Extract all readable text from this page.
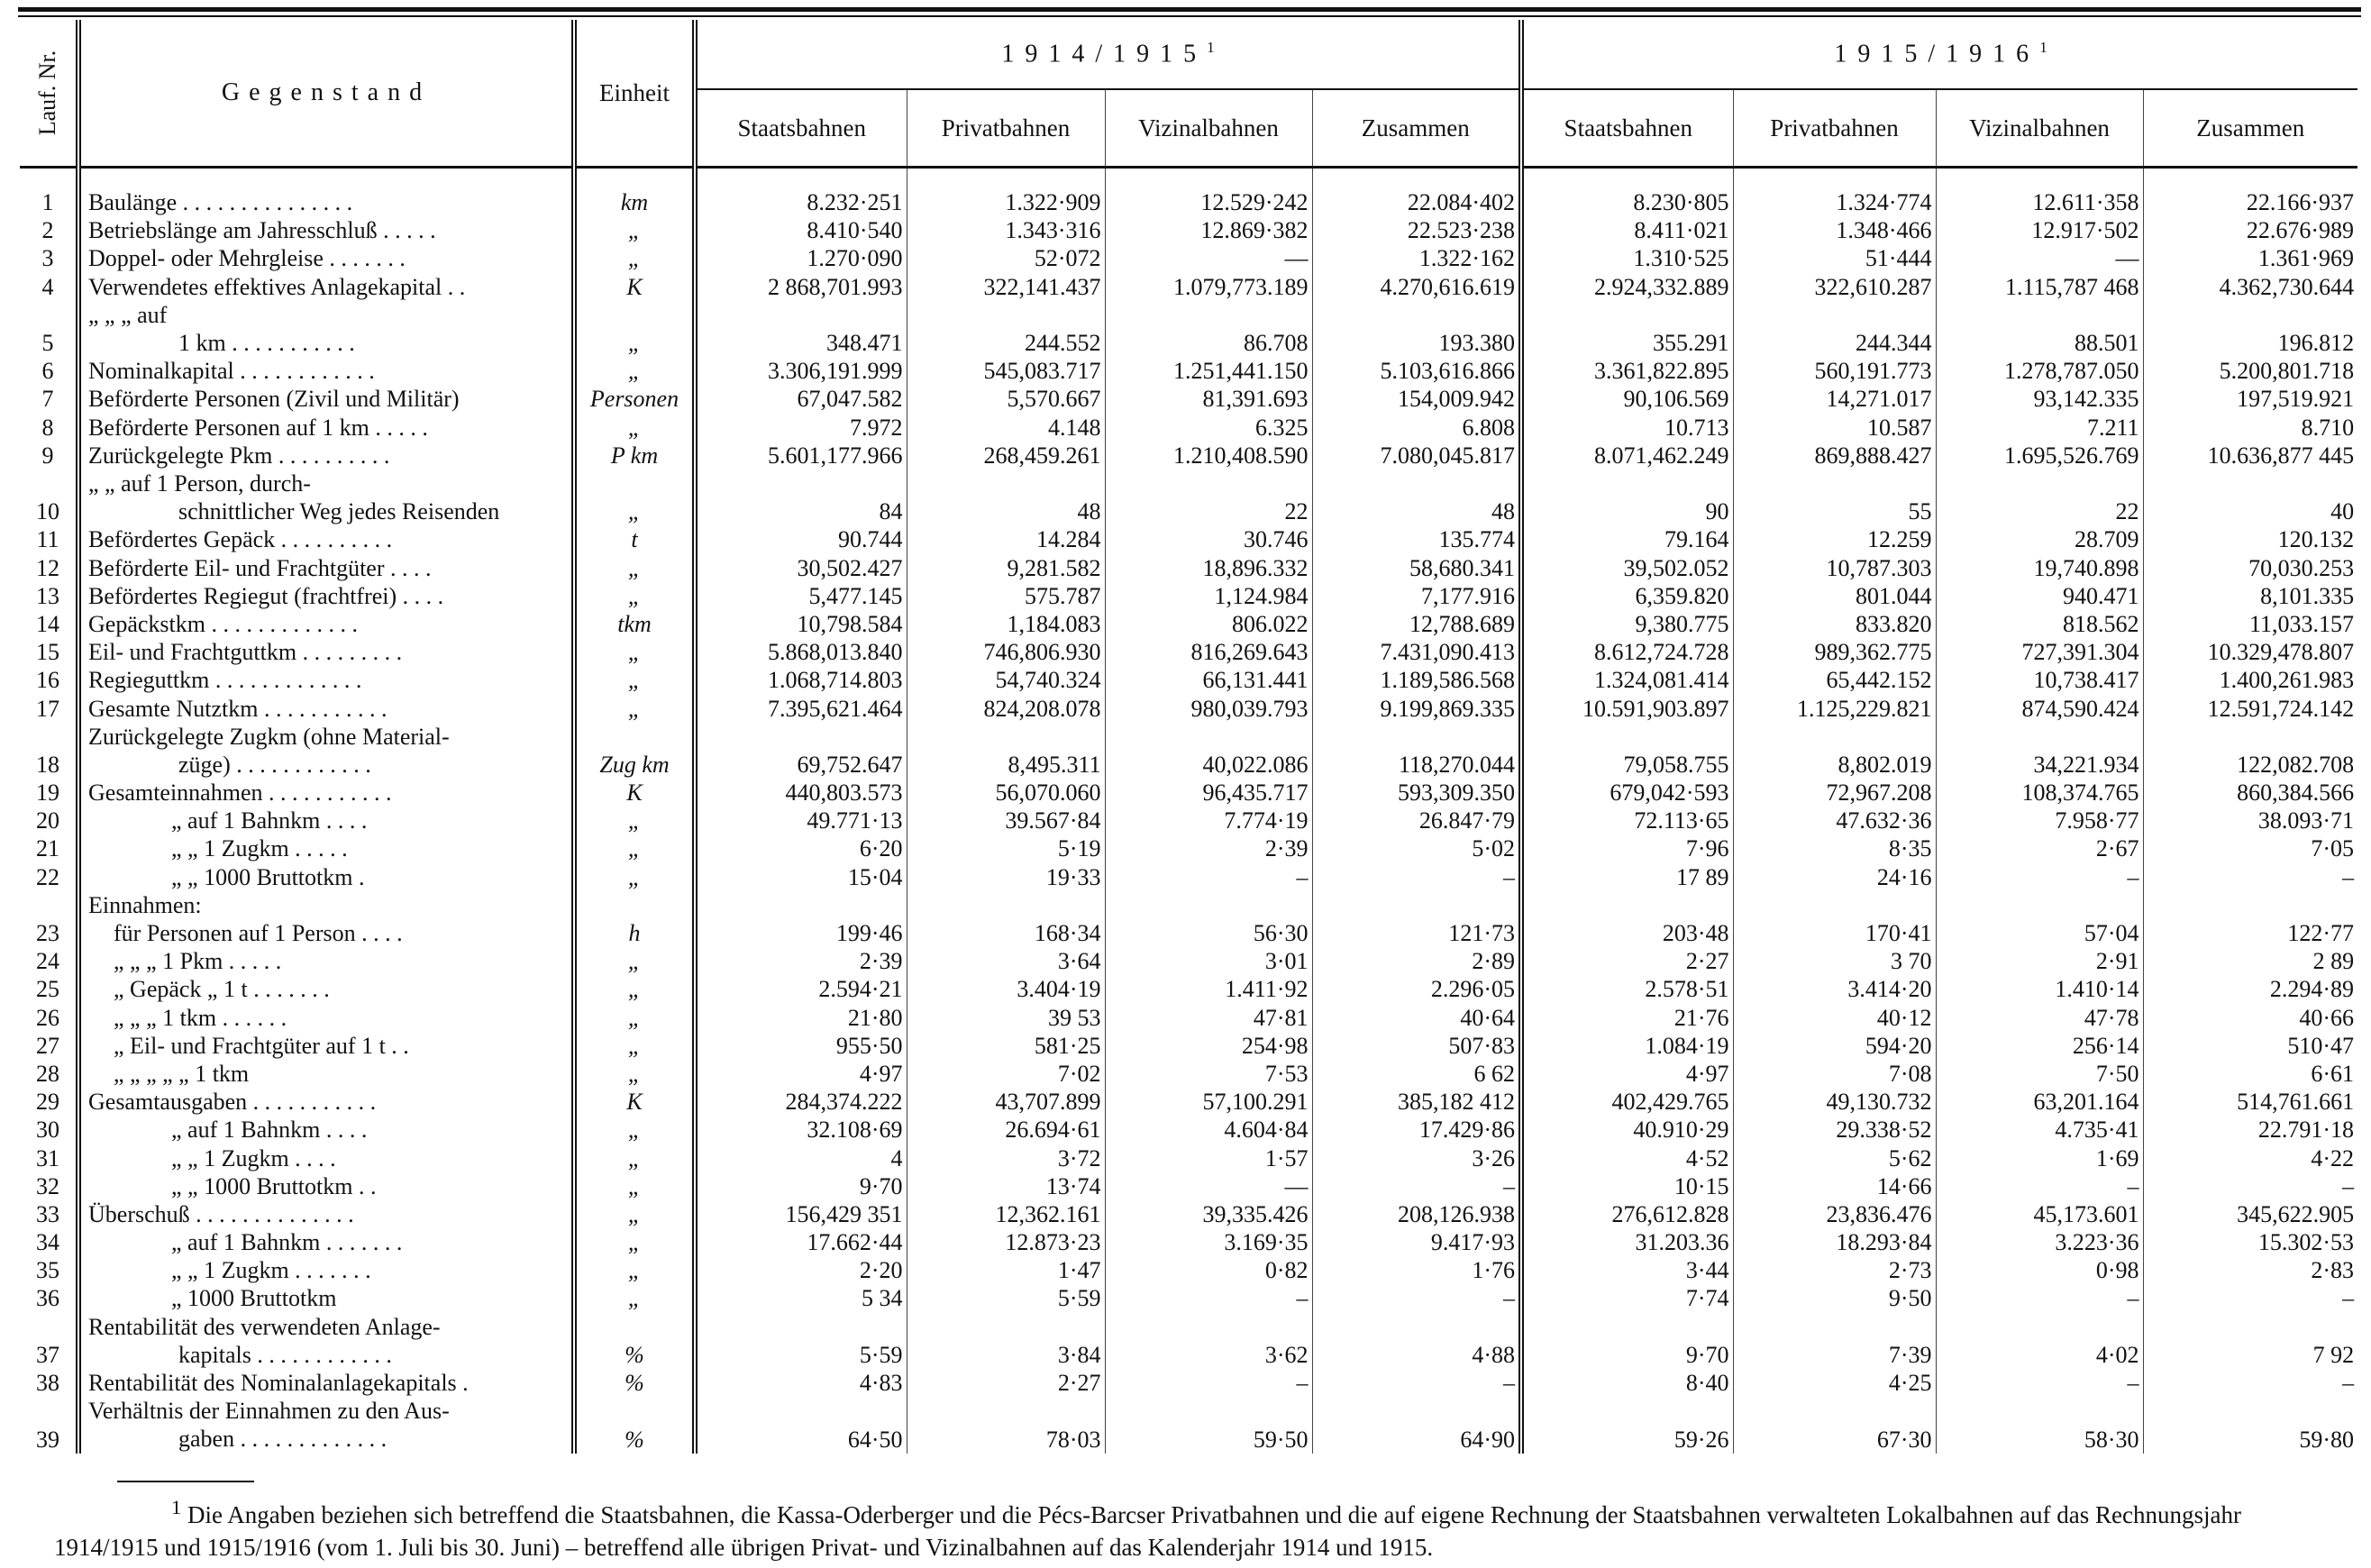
Lauf. Nr.	Gegenstand	Einheit	1914/1915$^1$				1915/1916$^1$
			Staatsbahnen	Privatbahnen	Vizinalbahnen	Zusammen	Staatsbahnen	Privatbahnen	Vizinalbahnen	Zusammen

1	Baulänge . . . . . . . . . . . . . . .	km	8.232·251	1.322·909	12.529·242	22.084·402	8.230·805	1.324·774	12.611·358	22.166·937
2	Betriebslänge am Jahresschluß . . . . .	„	8.410·540	1.343·316	12.869·382	22.523·238	8.411·021	1.348·466	12.917·502	22.676·989
3	Doppel- oder Mehrgleise . . . . . . .	„	1.270·090	52·072	—	1.322·162	1.310·525	51·444	—	1.361·969
4	Verwendetes effektives Anlagekapital . .	K	2 868,701.993	322,141.437	1.079,773.189	4.270,616.619	2.924,332.889	322,610.287	1.115,787 468	4.362,730.644
5	„ „ „ auf
1 km . . . . . . . . . . .	„	348.471	244.552	86.708	193.380	355.291	244.344	88.501	196.812
6	Nominalkapital . . . . . . . . . . . .	„	3.306,191.999	545,083.717	1.251,441.150	5.103,616.866	3.361,822.895	560,191.773	1.278,787.050	5.200,801.718
7	Beförderte Personen (Zivil und Militär)	Personen	67,047.582	5,570.667	81,391.693	154,009.942	90,106.569	14,271.017	93,142.335	197,519.921
8	Beförderte Personen auf 1 km . . . . .	„	7.972	4.148	6.325	6.808	10.713	10.587	7.211	8.710
9	Zurückgelegte Pkm . . . . . . . . . .	P km	5.601,177.966	268,459.261	1.210,408.590	7.080,045.817	8.071,462.249	869,888.427	1.695,526.769	10.636,877 445
10	„ „ auf 1 Person, durch-
schnittlicher Weg jedes Reisenden	„	84	48	22	48	90	55	22	40
11	Befördertes Gepäck . . . . . . . . . .	t	90.744	14.284	30.746	135.774	79.164	12.259	28.709	120.132
12	Beförderte Eil- und Frachtgüter . . . .	„	30,502.427	9,281.582	18,896.332	58,680.341	39,502.052	10,787.303	19,740.898	70,030.253
13	Befördertes Regiegut (frachtfrei) . . . .	„	5,477.145	575.787	1,124.984	7,177.916	6,359.820	801.044	940.471	8,101.335
14	Gepäckstkm . . . . . . . . . . . . .	tkm	10,798.584	1,184.083	806.022	12,788.689	9,380.775	833.820	818.562	11,033.157
15	Eil- und Frachtguttkm . . . . . . . . .	„	5.868,013.840	746,806.930	816,269.643	7.431,090.413	8.612,724.728	989,362.775	727,391.304	10.329,478.807
16	Regieguttkm . . . . . . . . . . . . .	„	1.068,714.803	54,740.324	66,131.441	1.189,586.568	1.324,081.414	65,442.152	10,738.417	1.400,261.983
17	Gesamte Nutztkm . . . . . . . . . . .	„	7.395,621.464	824,208.078	980,039.793	9.199,869.335	10.591,903.897	1.125,229.821	874,590.424	12.591,724.142
18	Zurückgelegte Zugkm (ohne Material-
züge) . . . . . . . . . . . .	Zug km	69,752.647	8,495.311	40,022.086	118,270.044	79,058.755	8,802.019	34,221.934	122,082.708
19	Gesamteinnahmen . . . . . . . . . . .	K	440,803.573	56,070.060	96,435.717	593,309.350	679,042·593	72,967.208	108,374.765	860,384.566
20	„ auf 1 Bahnkm . . . .	„	49.771·13	39.567·84	7.774·19	26.847·79	72.113·65	47.632·36	7.958·77	38.093·71
21	„ „ 1 Zugkm . . . . .	„	6·20	5·19	2·39	5·02	7·96	8·35	2·67	7·05
22	„ „ 1000 Bruttotkm .	„	15·04	19·33	–	–	17 89	24·16	–	–
	Einnahmen:									
23	für Personen auf 1 Person . . . .	h	199·46	168·34	56·30	121·73	203·48	170·41	57·04	122·77
24	„ „ „ 1 Pkm . . . . .	„	2·39	3·64	3·01	2·89	2·27	3 70	2·91	2 89
25	„ Gepäck „ 1 t . . . . . . .	„	2.594·21	3.404·19	1.411·92	2.296·05	2.578·51	3.414·20	1.410·14	2.294·89
26	„ „ „ 1 tkm . . . . . .	„	21·80	39 53	47·81	40·64	21·76	40·12	47·78	40·66
27	„ Eil- und Frachtgüter auf 1 t . .	„	955·50	581·25	254·98	507·83	1.084·19	594·20	256·14	510·47
28	„ „ „ „ „ 1 tkm	„	4·97	7·02	7·53	6 62	4·97	7·08	7·50	6·61
29	Gesamtausgaben . . . . . . . . . . .	K	284,374.222	43,707.899	57,100.291	385,182 412	402,429.765	49,130.732	63,201.164	514,761.661
30	„ auf 1 Bahnkm . . . .	„	32.108·69	26.694·61	4.604·84	17.429·86	40.910·29	29.338·52	4.735·41	22.791·18
31	„ „ 1 Zugkm . . . .	„	4	3·72	1·57	3·26	4·52	5·62	1·69	4·22
32	„ „ 1000 Bruttotkm . .	„	9·70	13·74	—	–	10·15	14·66	–	–
33	Überschuß . . . . . . . . . . . . . .	„	156,429 351	12,362.161	39,335.426	208,126.938	276,612.828	23,836.476	45,173.601	345,622.905
34	„ auf 1 Bahnkm . . . . . . .	„	17.662·44	12.873·23	3.169·35	9.417·93	31.203.36	18.293·84	3.223·36	15.302·53
35	„ „ 1 Zugkm . . . . . . .	„	2·20	1·47	0·82	1·76	3·44	2·73	0·98	2·83
36	„ 1000 Bruttotkm	„	5 34	5·59	–	–	7·74	9·50	–	–
37	Rentabilität des verwendeten Anlage-
kapitals . . . . . . . . . . . .	%	5·59	3·84	3·62	4·88	9·70	7·39	4·02	7 92
38	Rentabilität des Nominalanlagekapitals .	%	4·83	2·27	–	–	8·40	4·25	–	–
39	Verhältnis der Einnahmen zu den Aus-
gaben . . . . . . . . . . . . .	%	64·50	78·03	59·50	64·90	59·26	67·30	58·30	59·80

$^1$ Die Angaben beziehen sich betreffend die Staatsbahnen, die Kassa-Oderberger und die Pécs-Barcser Privatbahnen und die auf eigene Rechnung der Staatsbahnen verwalteten Lokalbahnen auf das Rechnungsjahr 1914/1915 und 1915/1916 (vom 1. Juli bis 30. Juni) – betreffend alle übrigen Privat- und Vizinalbahnen auf das Kalenderjahr 1914 und 1915.
